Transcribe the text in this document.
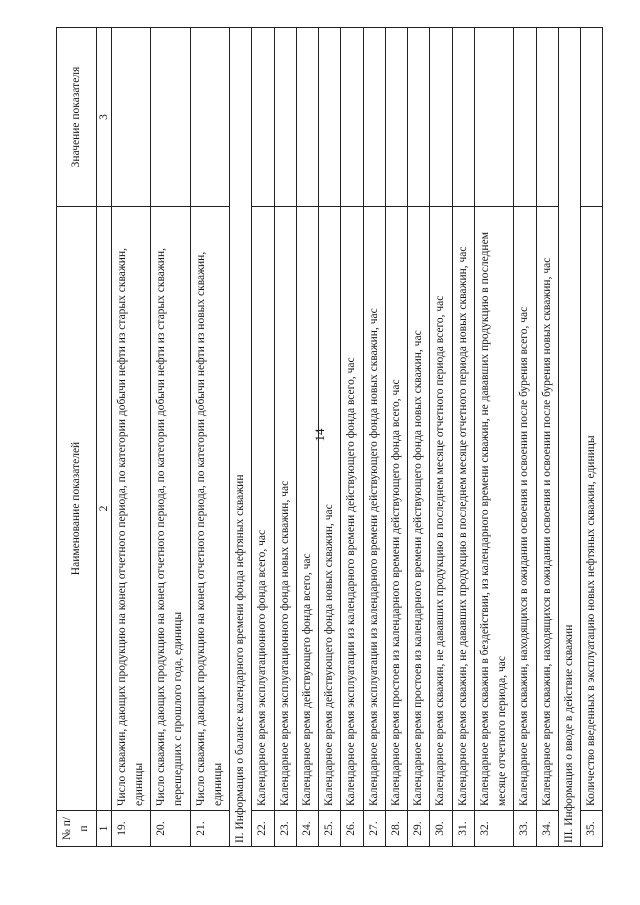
14
№ п/п	Наименование показателей	Значение показателя
1	2	3
19.	Число скважин, дающих продукцию на конец отчетного периода, по категории добычи нефти из старых скважин, единицы	
20.	Число скважин, дающих продукцию на конец отчетного периода, по категории добычи нефти из старых скважин, перешедших с прошлого года, единицы	
21.	Число скважин, дающих продукцию на конец отчетного периода, по категории добычи нефти из новых скважин, единицы	
II. Информация о балансе календарного времени фонда нефтяных скважин		
22.	Календарное время эксплуатационного фонда всего, час	
23.	Календарное время эксплуатационного фонда новых скважин, час	
24.	Календарное время действующего фонда всего, час	
25.	Календарное время действующего фонда новых скважин, час	
26.	Календарное время эксплуатации из календарного времени действующего фонда всего, час	
27.	Календарное время эксплуатации из календарного времени действующего фонда новых скважин, час	
28.	Календарное время простоев из календарного времени действующего фонда всего, час	
29.	Календарное время простоев из календарного времени действующего фонда новых скважин, час	
30.	Календарное время скважин, не дававших продукцию в последнем месяце отчетного периода всего, час	
31.	Календарное время скважин, не дававших продукцию в последнем месяце отчетного периода новых скважин, час	
32.	Календарное время скважин в бездействии, из календарного времени скважин, не дававших продукцию в последнем месяце отчетного периода, час	
33.	Календарное время скважин, находящихся в ожидании освоения и освоении после бурения всего, час	
34.	Календарное время скважин, находящихся в ожидании освоения и освоении после бурения новых скважин, час	
III. Информация о вводе в действие скважин		
35.	Количество введенных в эксплуатацию новых нефтяных скважин, единицы	
